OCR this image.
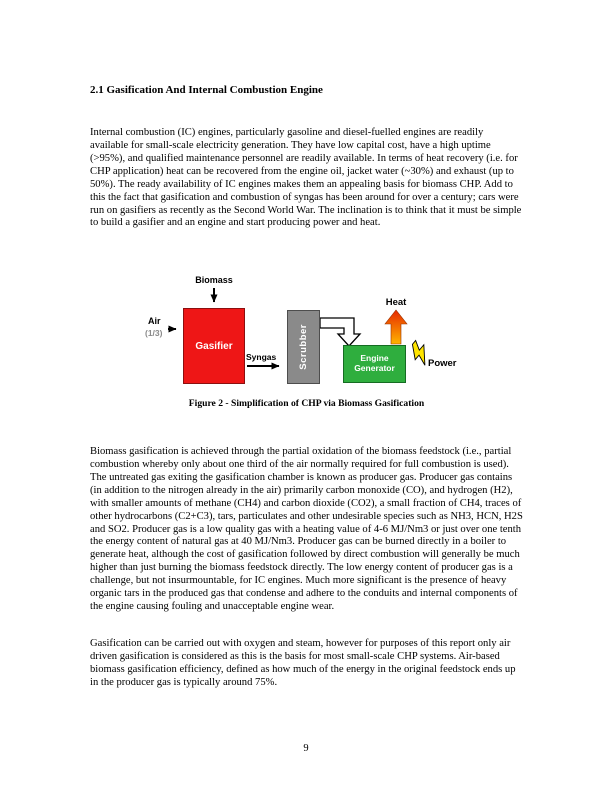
2.1 Gasification And Internal Combustion Engine

Internal combustion (IC) engines, particularly gasoline and diesel-fuelled engines are readily available for small-scale electricity generation. They have low capital cost, have a high uptime (>95%), and qualified maintenance personnel are readily available. In terms of heat recovery (i.e. for CHP application) heat can be recovered from the engine oil, jacket water (~30%) and exhaust (up to 50%). The ready availability of IC engines makes them an appealing basis for biomass CHP. Add to this the fact that gasification and combustion of syngas has been around for over a century; cars were run on gasifiers as recently as the Second World War. The inclination is to think that it must be simple to build a gasifier and an engine and start producing power and heat.

Biomass
Air
(1/3)
Gasifier
Syngas Scrubber
Heat
Engine Generator	Power
Figure 2 - Simplification of CHP via Biomass Gasification

Biomass gasification is achieved through the partial oxidation of the biomass feedstock (i.e., partial combustion whereby only about one third of the air normally required for full combustion is used). The untreated gas exiting the gasification chamber is known as producer gas. Producer gas contains (in addition to the nitrogen already in the air) primarily carbon monoxide (CO), and hydrogen (H2), with smaller amounts of methane (CH4) and carbon dioxide (CO2), a small fraction of CH4, traces of other hydrocarbons (C2+C3), tars, particulates and other undesirable species such as NH3, HCN, H2S and SO2. Producer gas is a low quality gas with a heating value of 4-6 MJ/Nm3 or just over one tenth the energy content of natural gas at 40 MJ/Nm3. Producer gas can be burned directly in a boiler to generate heat, although the cost of gasification followed by direct combustion will generally be much higher than just burning the biomass feedstock directly. The low energy content of producer gas is a challenge, but not insurmountable, for IC engines. Much more significant is the presence of heavy organic tars in the produced gas that condense and adhere to the conduits and internal components of the engine causing fouling and unacceptable engine wear.

Gasification can be carried out with oxygen and steam, however for purposes of this report only air driven gasification is considered as this is the basis for most small-scale CHP systems. Air-based biomass gasification efficiency, defined as how much of the energy in the original feedstock ends up in the producer gas is typically around 75%.

9
